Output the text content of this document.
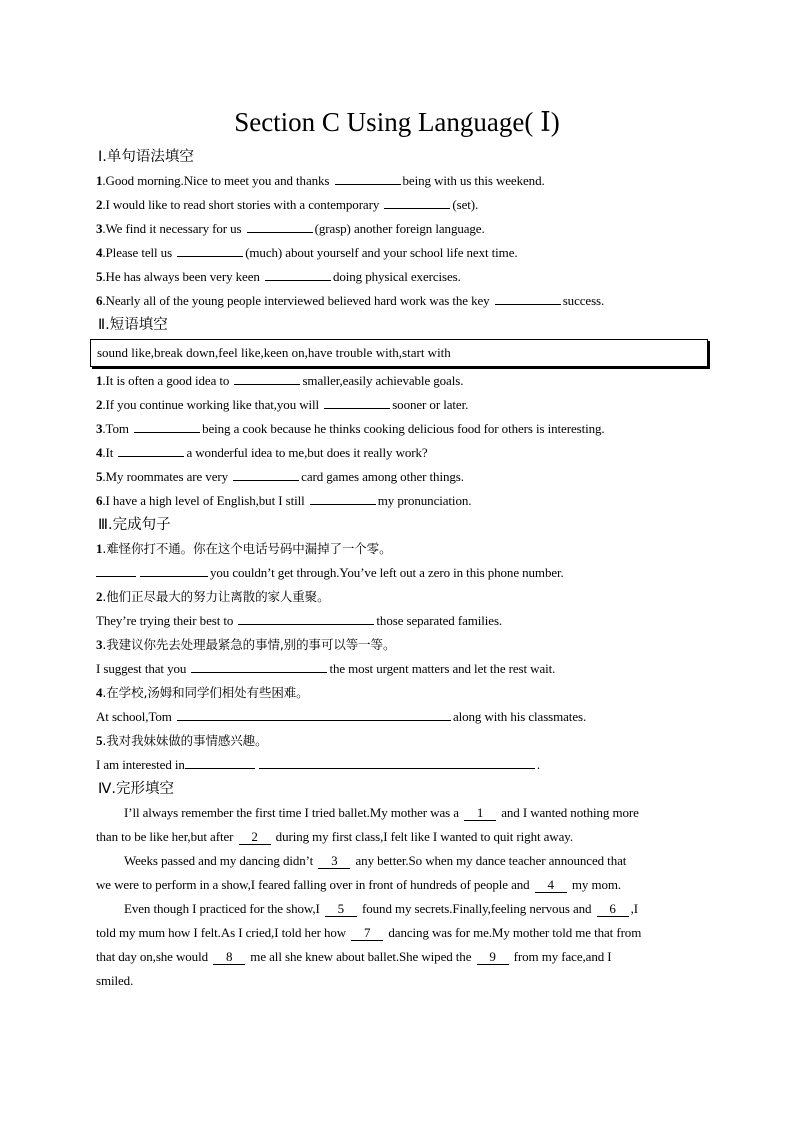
Section C Using Language( Ⅰ)
Ⅰ.单句语法填空
1.Good morning.Nice to meet you and thanks	being with us this weekend.
2.I would like to read short stories with a contemporary	(set).
3.We find it necessary for us	(grasp) another foreign language.
4.Please tell us	(much) about yourself and your school life next time.
5.He has always been very keen	doing physical exercises.
6.Nearly all of the young people interviewed believed hard work was the key	success.
Ⅱ.短语填空
sound like,break down,feel like,keen on,have trouble with,start with
1.It is often a good idea to	smaller,easily achievable goals.
2.If you continue working like that,you will	sooner or later.
3.Tom	being a cook because he thinks cooking delicious food for others is interesting.
4.It	a wonderful idea to me,but does it really work?
5.My roommates are very	card games among other things.
6.I have a high level of English,but I still	my pronunciation.
Ⅲ.完成句子
1.难怪你打不通。你在这个电话号码中漏掉了一个零。
you couldn’t get through.You’ve left out a zero in this phone number.
2.他们正尽最大的努力让离散的家人重聚。
They’re trying their best to	those separated families.
3.我建议你先去处理最紧急的事情,别的事可以等一等。
I suggest that you	the most urgent matters and let the rest wait.
4.在学校,汤姆和同学们相处有些困难。
At school,Tom	along with his classmates.
5.我对我妹妹做的事情感兴趣。
I am interested in	.
Ⅳ.完形填空
I’ll always remember the first time I tried ballet.My mother was a 1 and I wanted nothing more
than to be like her,but after 2 during my first class,I felt like I wanted to quit right away.
Weeks passed and my dancing didn’t 3 any better.So when my dance teacher announced that
we were to perform in a show,I feared falling over in front of hundreds of people and 4 my mom.
Even though I practiced for the show,I 5 found my secrets.Finally,feeling nervous and 6 ,I
told my mum how I felt.As I cried,I told her how 7 dancing was for me.My mother told me that from
that day on,she would 8 me all she knew about ballet.She wiped the 9 from my face,and I
smiled.
